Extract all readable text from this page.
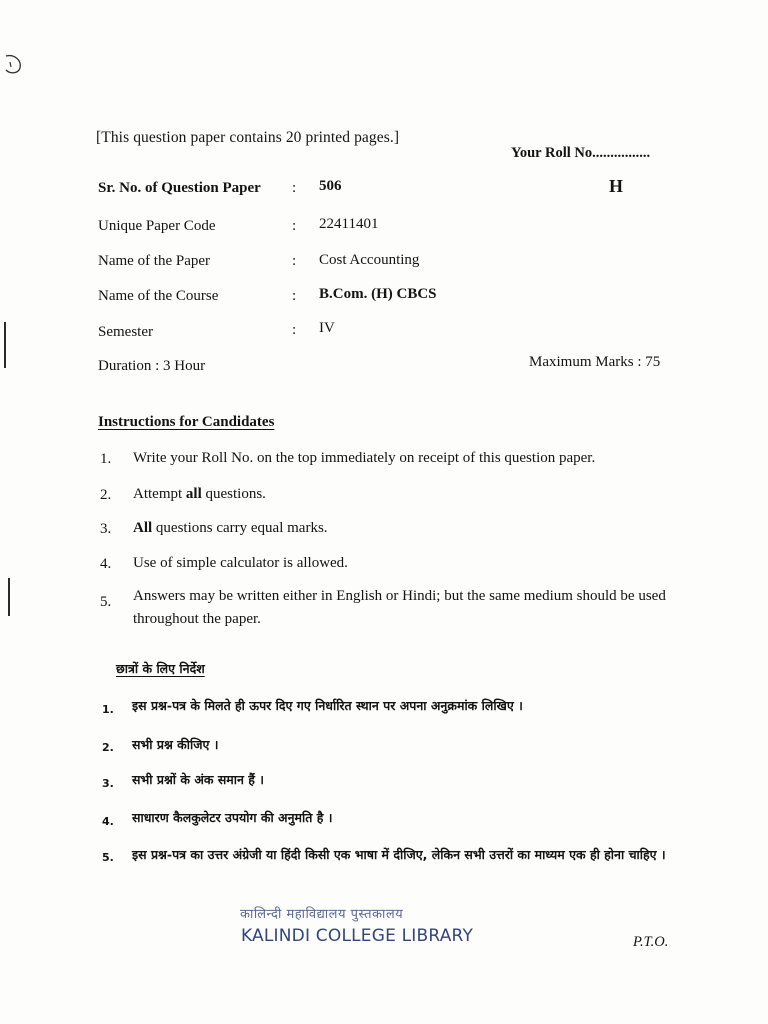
[This question paper contains 20 printed pages.]
Your Roll No................
H
Sr. No. of Question Paper : 506
Unique Paper Code	: 22411401
Name of the Paper	: Cost Accounting
Name of the Course	: B.Com. (H) CBCS
Semester	: IV
Duration : 3 Hour	Maximum Marks : 75
Instructions for Candidates
1. Write your Roll No. on the top immediately on receipt of this question paper.
2. Attempt all questions.
3. All questions carry equal marks.
4. Use of simple calculator is allowed.
5. Answers may be written either in English or Hindi; but the same medium should be used throughout the paper.
छात्रों के लिए निर्देश
1. इस प्रश्न-पत्र के मिलते ही ऊपर दिए गए निर्धारित स्थान पर अपना अनुक्रमांक लिखिए ।
2. सभी प्रश्न कीजिए ।
3. सभी प्रश्नों के अंक समान हैं ।
4. साधारण कैलकुलेटर उपयोग की अनुमति है ।
5. इस प्रश्न-पत्र का उत्तर अंग्रेजी या हिंदी किसी एक भाषा में दीजिए, लेकिन सभी उत्तरों का माध्यम एक ही होना चाहिए ।
कालिन्दी महाविद्यालय पुस्तकालय
KALINDI COLLEGE LIBRARY	P.T.O.
